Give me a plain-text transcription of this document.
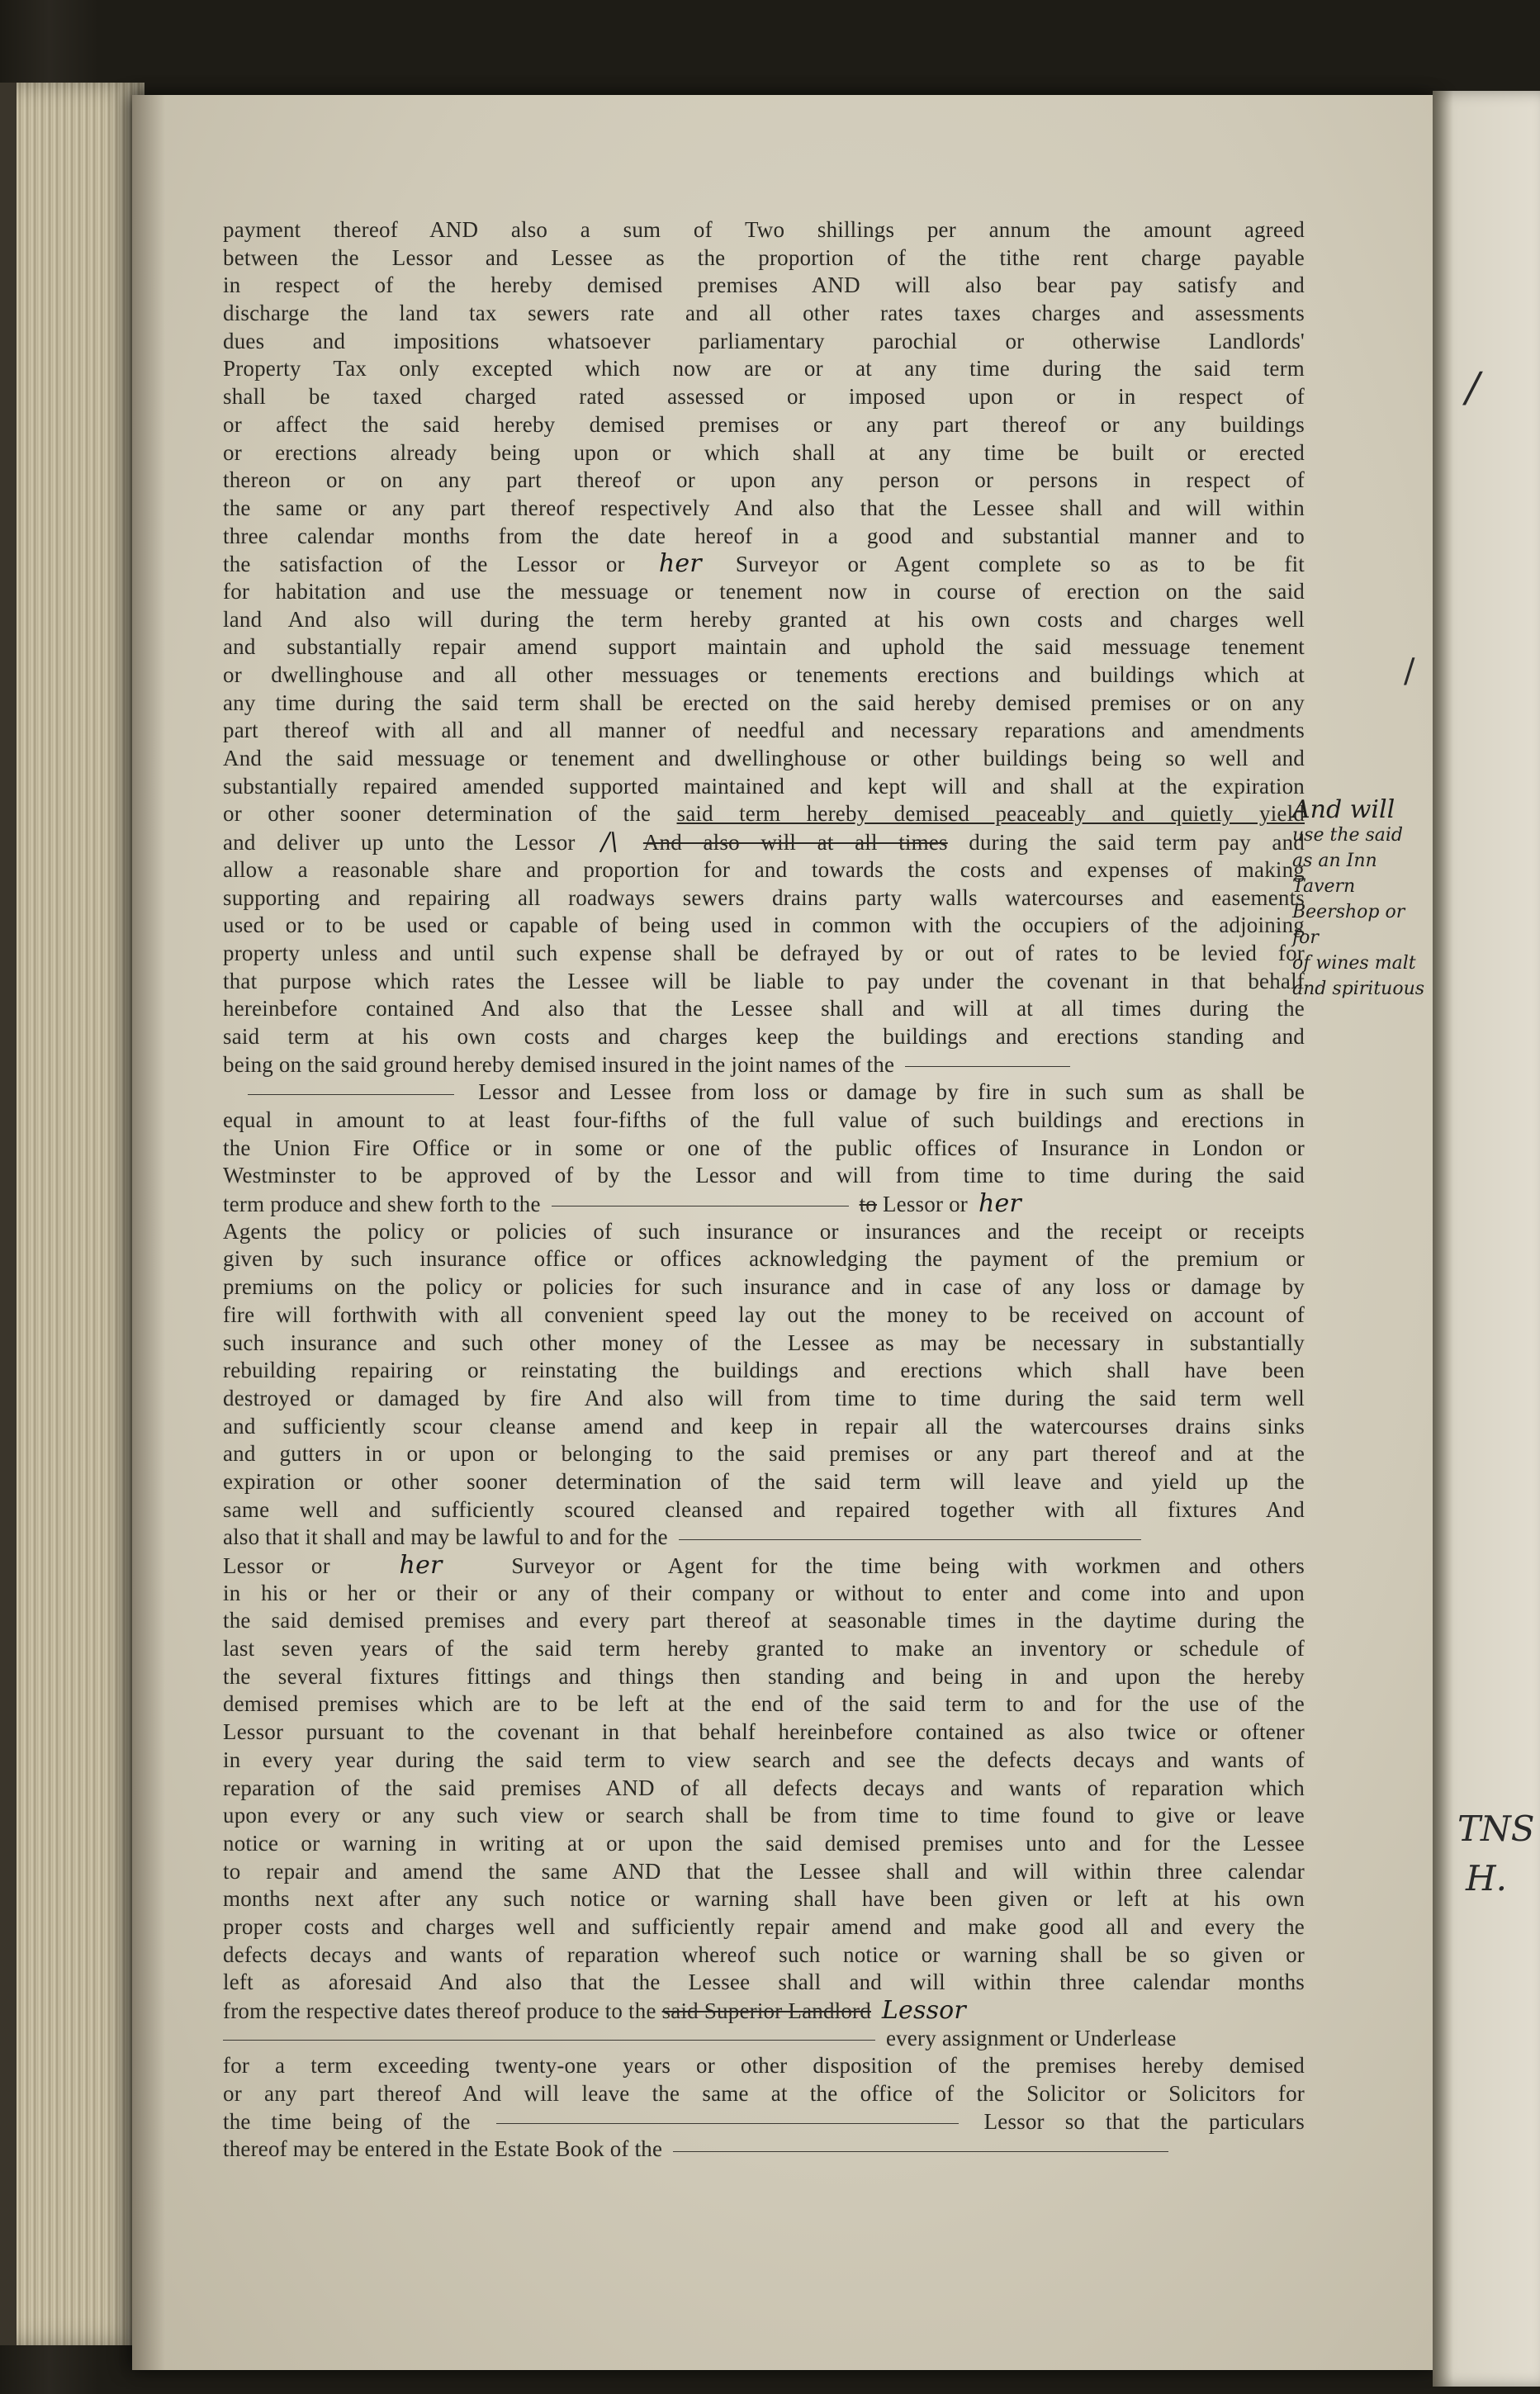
/
TNS
H.
/
payment thereof AND also a sum of Two shillings per annum the amount agreed
between the Lessor and Lessee as the proportion of the tithe rent charge payable
in respect of the hereby demised premises AND will also bear pay satisfy and
discharge the land tax sewers rate and all other rates taxes charges and assessments
dues and impositions whatsoever parliamentary parochial or otherwise Landlords'
Property Tax only excepted which now are or at any time during the said term
shall be taxed charged rated assessed or imposed upon or in respect of
or affect the said hereby demised premises or any part thereof or any buildings
or erections already being upon or which shall at any time be built or erected
thereon or on any part thereof or upon any person or persons in respect of
the same or any part thereof respectively And also that the Lessee shall and will within
three calendar months from the date hereof in a good and substantial manner and to
the satisfaction of the Lessor or her Surveyor or Agent complete so as to be fit
for habitation and use the messuage or tenement now in course of erection on the said
land And also will during the term hereby granted at his own costs and charges well
and substantially repair amend support maintain and uphold the said messuage tenement
or dwellinghouse and all other messuages or tenements erections and buildings which at
any time during the said term shall be erected on the said hereby demised premises or on any
part thereof with all and all manner of needful and necessary reparations and amendments
And the said messuage or tenement and dwellinghouse or other buildings being so well and
substantially repaired amended supported maintained and kept will and shall at the expiration
or other sooner determination of the said term hereby demised peaceably and quietly yield
and deliver up unto the Lessor /\ And also will at all times during the said term pay and
allow a reasonable share and proportion for and towards the costs and expenses of making
supporting and repairing all roadways sewers drains party walls watercourses and easements
used or to be used or capable of being used in common with the occupiers of the adjoining
property unless and until such expense shall be defrayed by or out of rates to be levied for
that purpose which rates the Lessee will be liable to pay under the covenant in that behalf
hereinbefore contained And also that the Lessee shall and will at all times during the
said term at his own costs and charges keep the buildings and erections standing and
being on the said ground hereby demised insured in the joint names of the
Lessor and Lessee from loss or damage by fire in such sum as shall be
equal in amount to at least four-fifths of the full value of such buildings and erections in
the Union Fire Office or in some or one of the public offices of Insurance in London or
Westminster to be approved of by the Lessor and will from time to time during the said
term produce and shew forth to the	to Lessor or her
Agents the policy or policies of such insurance or insurances and the receipt or receipts
given by such insurance office or offices acknowledging the payment of the premium or
premiums on the policy or policies for such insurance and in case of any loss or damage by
fire will forthwith with all convenient speed lay out the money to be received on account of
such insurance and such other money of the Lessee as may be necessary in substantially
rebuilding repairing or reinstating the buildings and erections which shall have been
destroyed or damaged by fire And also will from time to time during the said term well
and sufficiently scour cleanse amend and keep in repair all the watercourses drains sinks
and gutters in or upon or belonging to the said premises or any part thereof and at the
expiration or other sooner determination of the said term will leave and yield up the
same well and sufficiently scoured cleansed and repaired together with all fixtures And
also that it shall and may be lawful to and for the
Lessor or	her	Surveyor or Agent for the time being with workmen and others
in his or her or their or any of their company or without to enter and come into and upon
the said demised premises and every part thereof at seasonable times in the daytime during the
last seven years of the said term hereby granted to make an inventory or schedule of
the several fixtures fittings and things then standing and being in and upon the hereby
demised premises which are to be left at the end of the said term to and for the use of the
Lessor pursuant to the covenant in that behalf hereinbefore contained as also twice or oftener
in every year during the said term to view search and see the defects decays and wants of
reparation of the said premises AND of all defects decays and wants of reparation which
upon every or any such view or search shall be from time to time found to give or leave
notice or warning in writing at or upon the said demised premises unto and for the Lessee
to repair and amend the same AND that the Lessee shall and will within three calendar
months next after any such notice or warning shall have been given or left at his own
proper costs and charges well and sufficiently repair amend and make good all and every the
defects decays and wants of reparation whereof such notice or warning shall be so given or
left as aforesaid And also that the Lessee shall and will within three calendar months
from the respective dates thereof produce to the said Superior Landlord Lessor
every assignment or Underlease
for a term exceeding twenty-one years or other disposition of the premises hereby demised
or any part thereof And will leave the same at the office of the Solicitor or Solicitors for
the time being of the	Lessor so that the particulars
thereof may be entered in the Estate Book of the
And will
use the said
as an Inn Tavern
Beershop or for
of wines malt
and spirituous
